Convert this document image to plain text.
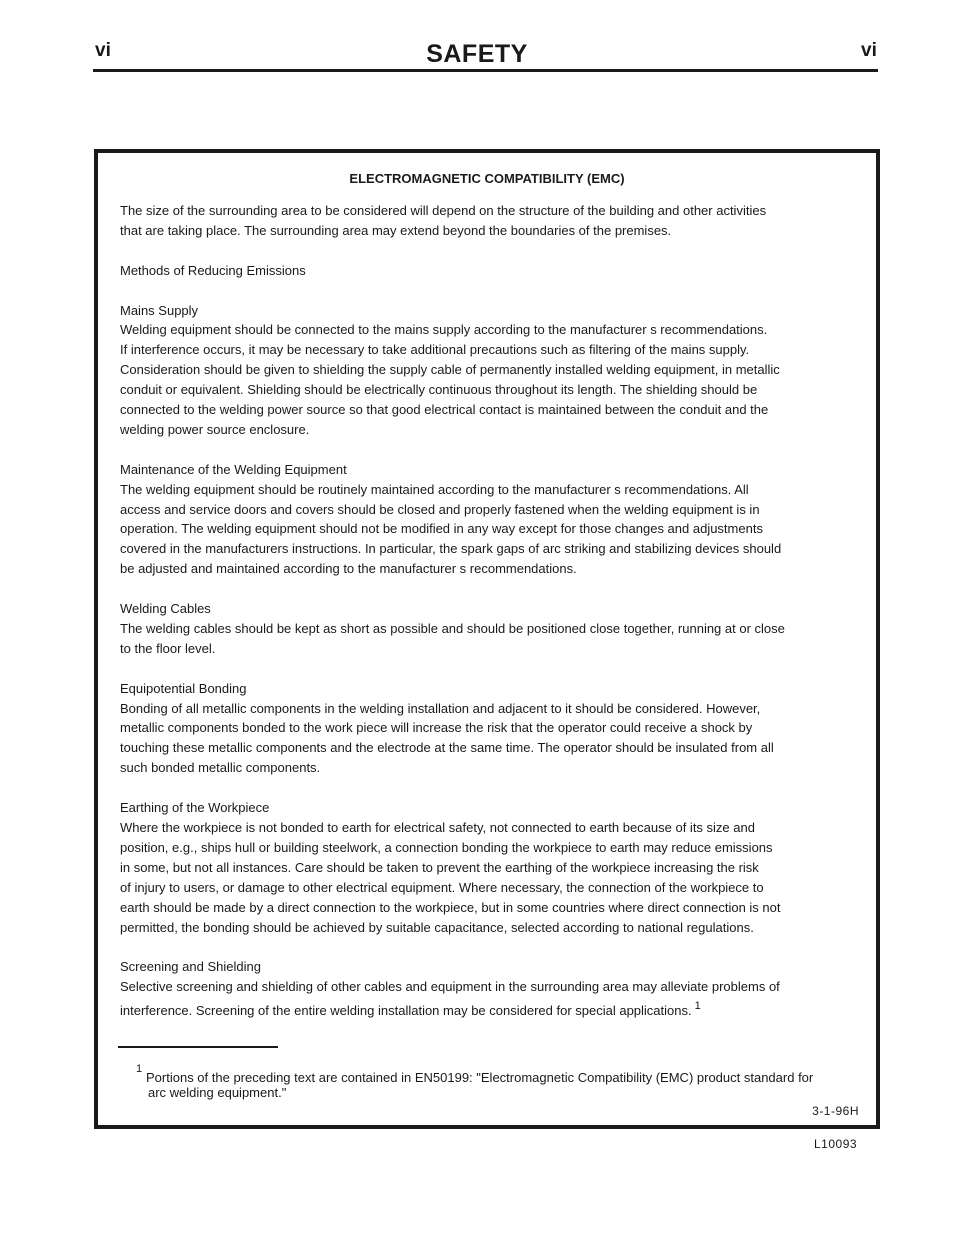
vi	SAFETY	vi
ELECTROMAGNETIC COMPATIBILITY (EMC)

The size of the surrounding area to be considered will depend on the structure of the building and other activities

that are taking place. The surrounding area may extend beyond the boundaries of the premises.

Methods of Reducing Emissions

Mains Supply

Welding equipment should be connected to the mains supply according to the manufacturer s recommendations.

If interference occurs, it may be necessary to take additional precautions such as filtering of the mains supply.

Consideration should be given to shielding the supply cable of permanently installed welding equipment, in metallic

conduit or equivalent. Shielding should be electrically continuous throughout its length. The shielding should be

connected to the welding power source so that good electrical contact is maintained between the conduit and the

welding power source enclosure.

Maintenance of the Welding Equipment

The welding equipment should be routinely maintained according to the manufacturer s recommendations. All

access and service doors and covers should be closed and properly fastened when the welding equipment is in

operation. The welding equipment should not be modified in any way except for those changes and adjustments

covered in the manufacturers instructions. In particular, the spark gaps of arc striking and stabilizing devices should

be adjusted and maintained according to the manufacturer s recommendations.

Welding Cables

The welding cables should be kept as short as possible and should be positioned close together, running at or close

to the floor level.

Equipotential Bonding

Bonding of all metallic components in the welding installation and adjacent to it should be considered. However,

metallic components bonded to the work piece will increase the risk that the operator could receive a shock by

touching these metallic components and the electrode at the same time. The operator should be insulated from all

such bonded metallic components.

Earthing of the Workpiece

Where the workpiece is not bonded to earth for electrical safety, not connected to earth because of its size and

position, e.g., ships hull or building steelwork, a connection bonding the workpiece to earth may reduce emissions

in some, but not all instances. Care should be taken to prevent the earthing of the workpiece increasing the risk

of injury to users, or damage to other electrical equipment. Where necessary, the connection of the workpiece to

earth should be made by a direct connection to the workpiece, but in some countries where direct connection is not

permitted, the bonding should be achieved by suitable capacitance, selected according to national regulations.

Screening and Shielding

Selective screening and shielding of other cables and equipment in the surrounding area may alleviate problems of

interference. Screening of the entire welding installation may be considered for special applications. $^1$

1
Portions of the preceding text are contained in EN50199: "Electromagnetic Compatibility (EMC) product standard for
arc welding equipment."
3-1-96H
L10093
